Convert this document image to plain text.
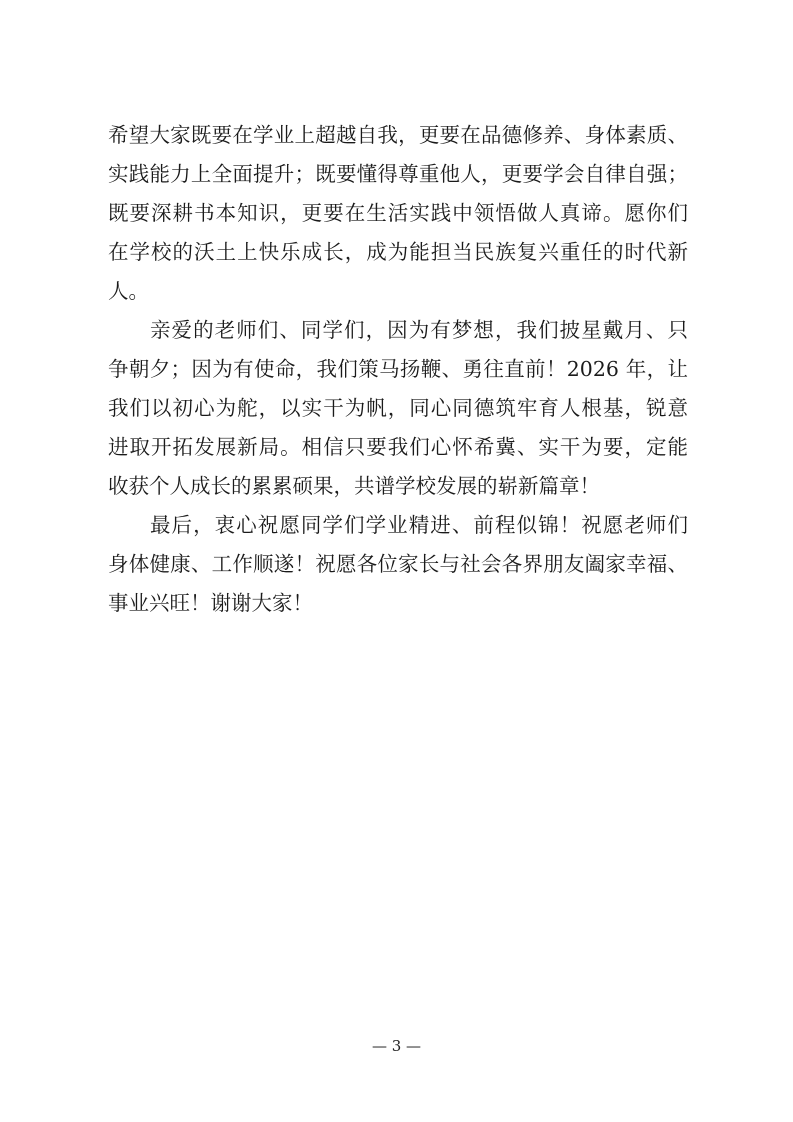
希望大家既要在学业上超越自我，更要在品德修养、身体素质、
实践能力上全面提升；既要懂得尊重他人，更要学会自律自强；
既要深耕书本知识，更要在生活实践中领悟做人真谛。愿你们
在学校的沃土上快乐成长，成为能担当民族复兴重任的时代新
人。
亲爱的老师们、同学们，因为有梦想，我们披星戴月、只
争朝夕；因为有使命，我们策马扬鞭、勇往直前！2026 年，让
我们以初心为舵，以实干为帆，同心同德筑牢育人根基，锐意
进取开拓发展新局。相信只要我们心怀希冀、实干为要，定能
收获个人成长的累累硕果，共谱学校发展的崭新篇章！
最后，衷心祝愿同学们学业精进、前程似锦！祝愿老师们
身体健康、工作顺遂！祝愿各位家长与社会各界朋友阖家幸福、
事业兴旺！谢谢大家！
— 3 —
